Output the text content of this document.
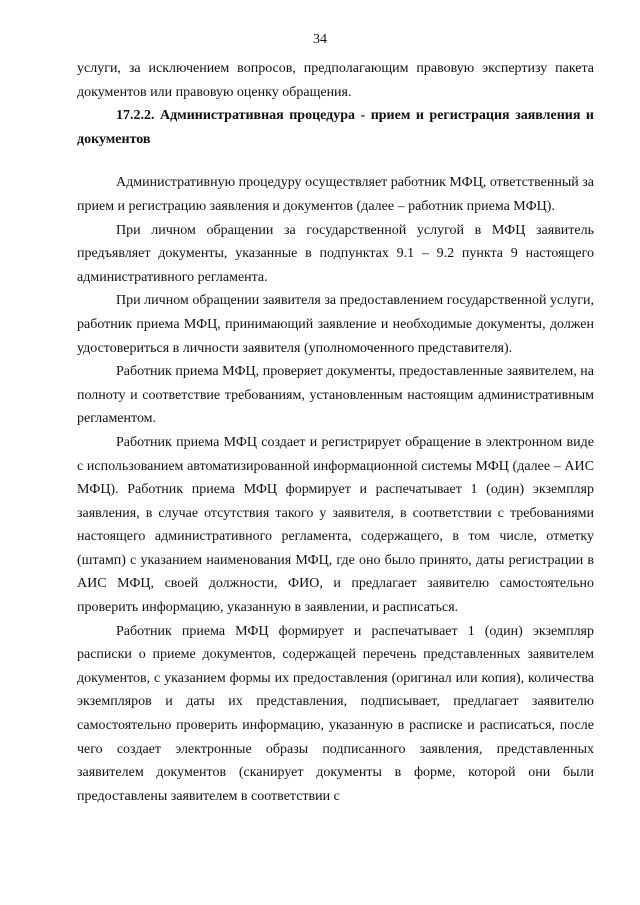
34

услуги, за исключением вопросов, предполагающим правовую экспертизу пакета документов или правовую оценку обращения.

17.2.2. Административная процедура - прием и регистрация заявления и документов

Административную процедуру осуществляет работник МФЦ, ответственный за прием и регистрацию заявления и документов (далее – работник приема МФЦ).

При личном обращении за государственной услугой в МФЦ заявитель предъявляет документы, указанные в подпунктах 9.1 – 9.2 пункта 9 настоящего административного регламента.

При личном обращении заявителя за предоставлением государственной услуги, работник приема МФЦ, принимающий заявление и необходимые документы, должен удостовериться в личности заявителя (уполномоченного представителя).

Работник приема МФЦ, проверяет документы, предоставленные заявителем, на полноту и соответствие требованиям, установленным настоящим административным регламентом.

Работник приема МФЦ создает и регистрирует обращение в электронном виде с использованием автоматизированной информационной системы МФЦ (далее – АИС МФЦ). Работник приема МФЦ формирует и распечатывает 1 (один) экземпляр заявления, в случае отсутствия такого у заявителя, в соответствии с требованиями настоящего административного регламента, содержащего, в том числе, отметку (штамп) с указанием наименования МФЦ, где оно было принято, даты регистрации в АИС МФЦ, своей должности, ФИО, и предлагает заявителю самостоятельно проверить информацию, указанную в заявлении, и расписаться.

Работник приема МФЦ формирует и распечатывает 1 (один) экземпляр расписки о приеме документов, содержащей перечень представленных заявителем документов, с указанием формы их предоставления (оригинал или копия), количества экземпляров и даты их представления, подписывает, предлагает заявителю самостоятельно проверить информацию, указанную в расписке и расписаться, после чего создает электронные образы подписанного заявления, представленных заявителем документов (сканирует документы в форме, которой они были предоставлены заявителем в соответствии с
